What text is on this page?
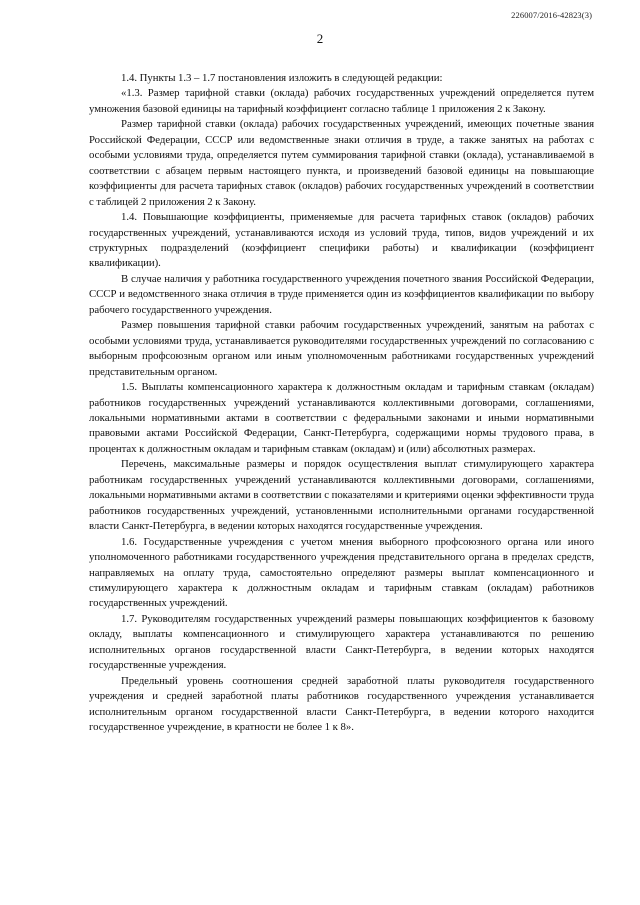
226007/2016-42823(3)
2

1.4. Пункты 1.3 – 1.7 постановления изложить в следующей редакции:

«1.3. Размер тарифной ставки (оклада) рабочих государственных учреждений определяется путем умножения базовой единицы на тарифный коэффициент согласно таблице 1 приложения 2 к Закону.

Размер тарифной ставки (оклада) рабочих государственных учреждений, имеющих почетные звания Российской Федерации, СССР или ведомственные знаки отличия в труде, а также занятых на работах с особыми условиями труда, определяется путем суммирования тарифной ставки (оклада), устанавливаемой в соответствии с абзацем первым настоящего пункта, и произведений базовой единицы на повышающие коэффициенты для расчета тарифных ставок (окладов) рабочих государственных учреждений в соответствии с таблицей 2 приложения 2 к Закону.

1.4. Повышающие коэффициенты, применяемые для расчета тарифных ставок (окладов) рабочих государственных учреждений, устанавливаются исходя из условий труда, типов, видов учреждений и их структурных подразделений (коэффициент специфики работы) и квалификации (коэффициент квалификации).

В случае наличия у работника государственного учреждения почетного звания Российской Федерации, СССР и ведомственного знака отличия в труде применяется один из коэффициентов квалификации по выбору рабочего государственного учреждения.

Размер повышения тарифной ставки рабочим государственных учреждений, занятым на работах с особыми условиями труда, устанавливается руководителями государственных учреждений по согласованию с выборным профсоюзным органом или иным уполномоченным работниками государственных учреждений представительным органом.

1.5. Выплаты компенсационного характера к должностным окладам и тарифным ставкам (окладам) работников государственных учреждений устанавливаются коллективными договорами, соглашениями, локальными нормативными актами в соответствии с федеральными законами и иными нормативными правовыми актами Российской Федерации, Санкт-Петербурга, содержащими нормы трудового права, в процентах к должностным окладам и тарифным ставкам (окладам) и (или) абсолютных размерах.

Перечень, максимальные размеры и порядок осуществления выплат стимулирующего характера работникам государственных учреждений устанавливаются коллективными договорами, соглашениями, локальными нормативными актами в соответствии с показателями и критериями оценки эффективности труда работников государственных учреждений, установленными исполнительными органами государственной власти Санкт-Петербурга, в ведении которых находятся государственные учреждения.

1.6. Государственные учреждения с учетом мнения выборного профсоюзного органа или иного уполномоченного работниками государственного учреждения представительного органа в пределах средств, направляемых на оплату труда, самостоятельно определяют размеры выплат компенсационного и стимулирующего характера к должностным окладам и тарифным ставкам (окладам) работников государственных учреждений.

1.7. Руководителям государственных учреждений размеры повышающих коэффициентов к базовому окладу, выплаты компенсационного и стимулирующего характера устанавливаются по решению исполнительных органов государственной власти Санкт-Петербурга, в ведении которых находятся государственные учреждения.

Предельный уровень соотношения средней заработной платы руководителя государственного учреждения и средней заработной платы работников государственного учреждения устанавливается исполнительным органом государственной власти Санкт-Петербурга, в ведении которого находится государственное учреждение, в кратности не более 1 к 8».
